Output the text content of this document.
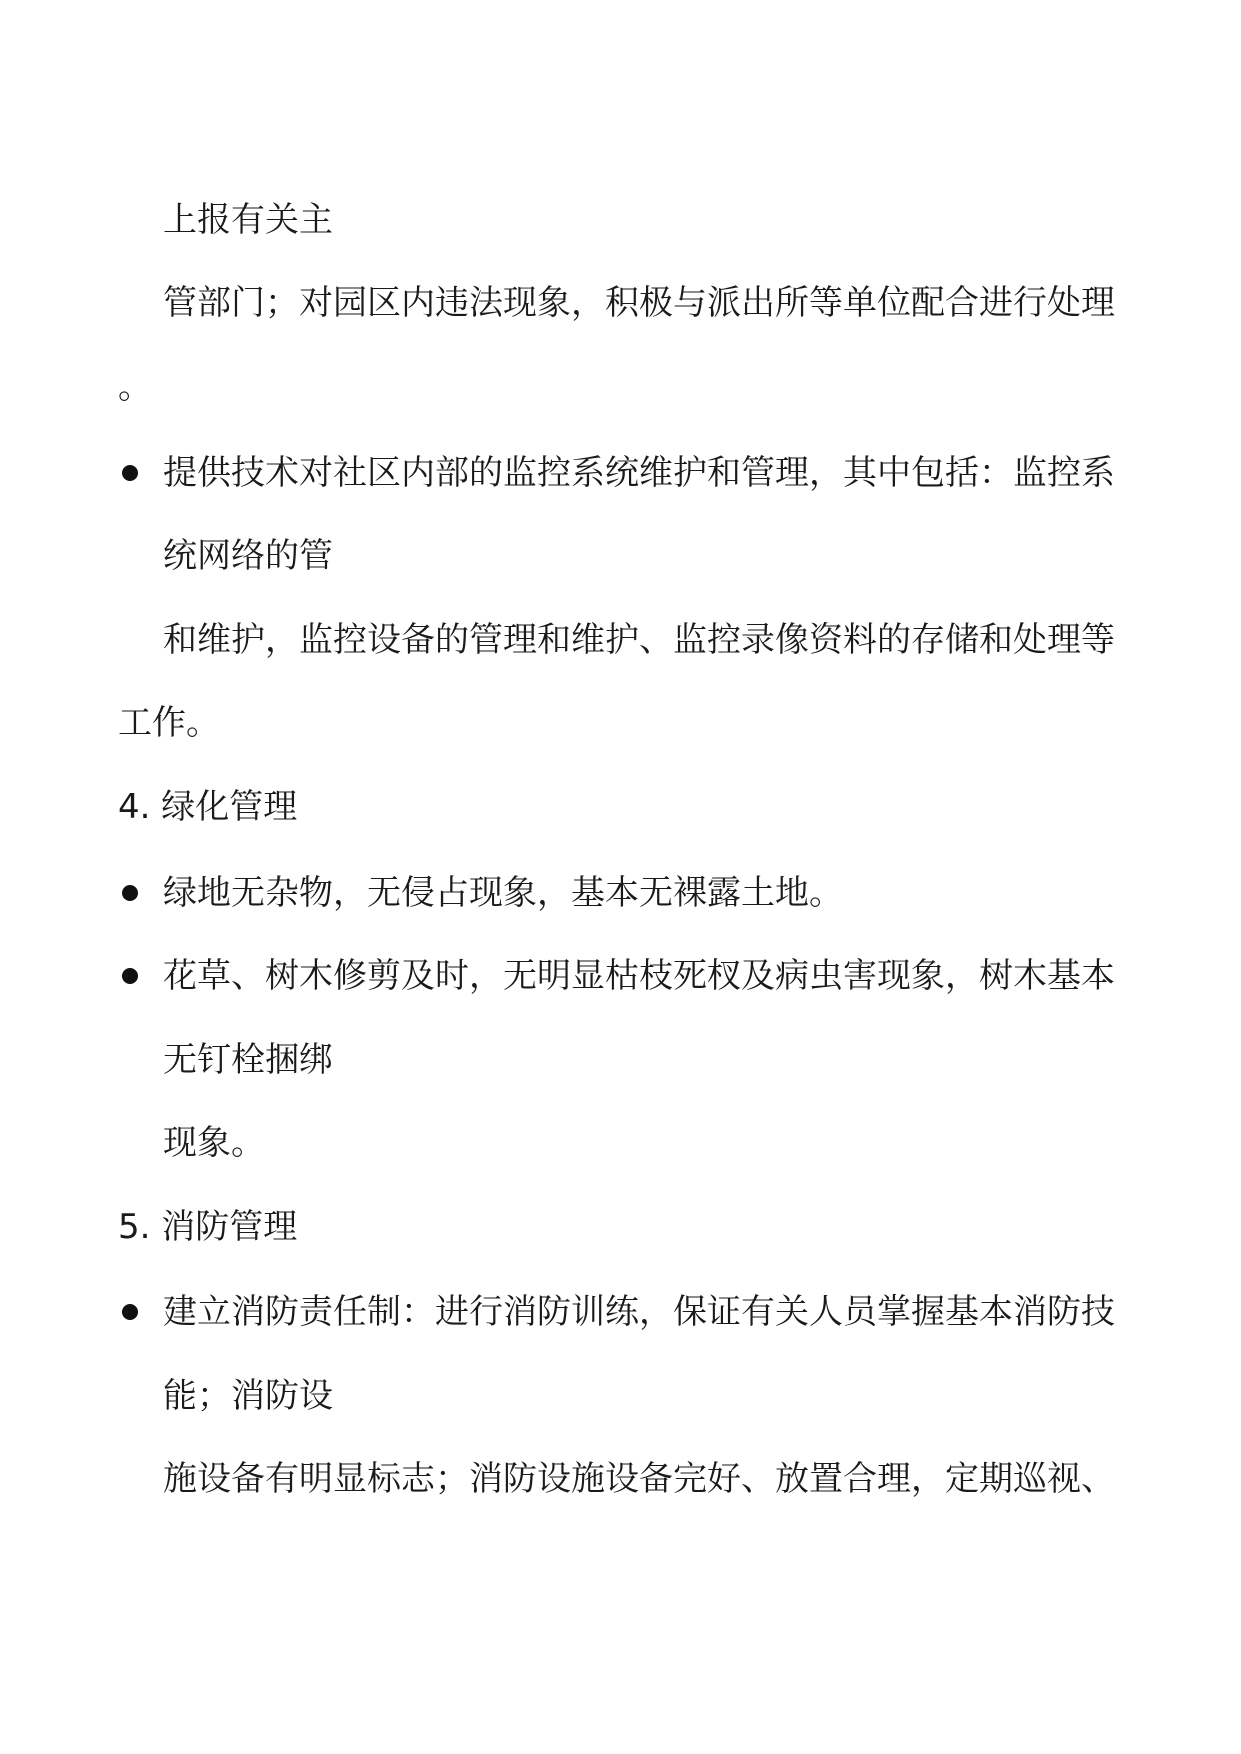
上报有关主
管部门；对园区内违法现象，积极与派出所等单位配合进行处理
。
提供技术对社区内部的监控系统维护和管理，其中包括：监控系
统网络的管
和维护，监控设备的管理和维护、监控录像资料的存储和处理等
工作。
4. 绿化管理
绿地无杂物，无侵占现象，基本无裸露土地。
花草、树木修剪及时，无明显枯枝死杈及病虫害现象，树木基本
无钉栓捆绑
现象。
5. 消防管理
建立消防责任制：进行消防训练，保证有关人员掌握基本消防技
能；消防设
施设备有明显标志；消防设施设备完好、放置合理，定期巡视、
